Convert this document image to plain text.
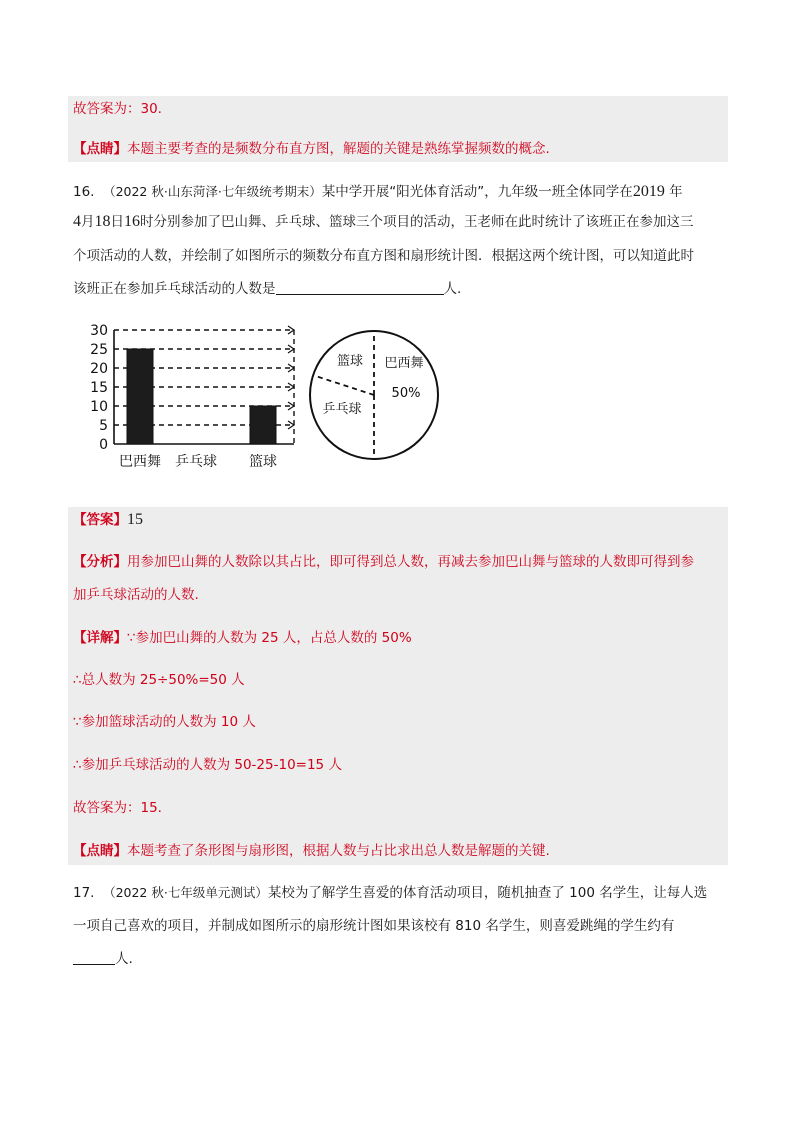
故答案为：30.
【点睛】本题主要考查的是频数分布直方图，解题的关键是熟练掌握频数的概念.
16. （2022 秋·山东菏泽·七年级统考期末）某中学开展“阳光体育活动”，九年级一班全体同学在2019 年
4月18日16时分别参加了巴山舞、乒乓球、篮球三个项目的活动，王老师在此时统计了该班正在参加这三
个项活动的人数，并绘制了如图所示的频数分布直方图和扇形统计图．根据这两个统计图，可以知道此时
该班正在参加乒乓球活动的人数是	人.
0
5
10
15
20
25
30
巴西舞 乒乓球 篮球
篮球 巴西舞
乒乓球
50%
【答案】15
【分析】用参加巴山舞的人数除以其占比，即可得到总人数，再减去参加巴山舞与篮球的人数即可得到参
加乒乓球活动的人数.
【详解】∵参加巴山舞的人数为 25 人，占总人数的 50%
∴总人数为 25÷50%=50 人
∵参加篮球活动的人数为 10 人
∴参加乒乓球活动的人数为 50-25-10=15 人
故答案为：15.
【点睛】本题考查了条形图与扇形图，根据人数与占比求出总人数是解题的关键.
17. （2022 秋·七年级单元测试）某校为了解学生喜爱的体育活动项目，随机抽查了 100 名学生，让每人选
一项自己喜欢的项目，并制成如图所示的扇形统计图如果该校有 810 名学生，则喜爱跳绳的学生约有
人.
